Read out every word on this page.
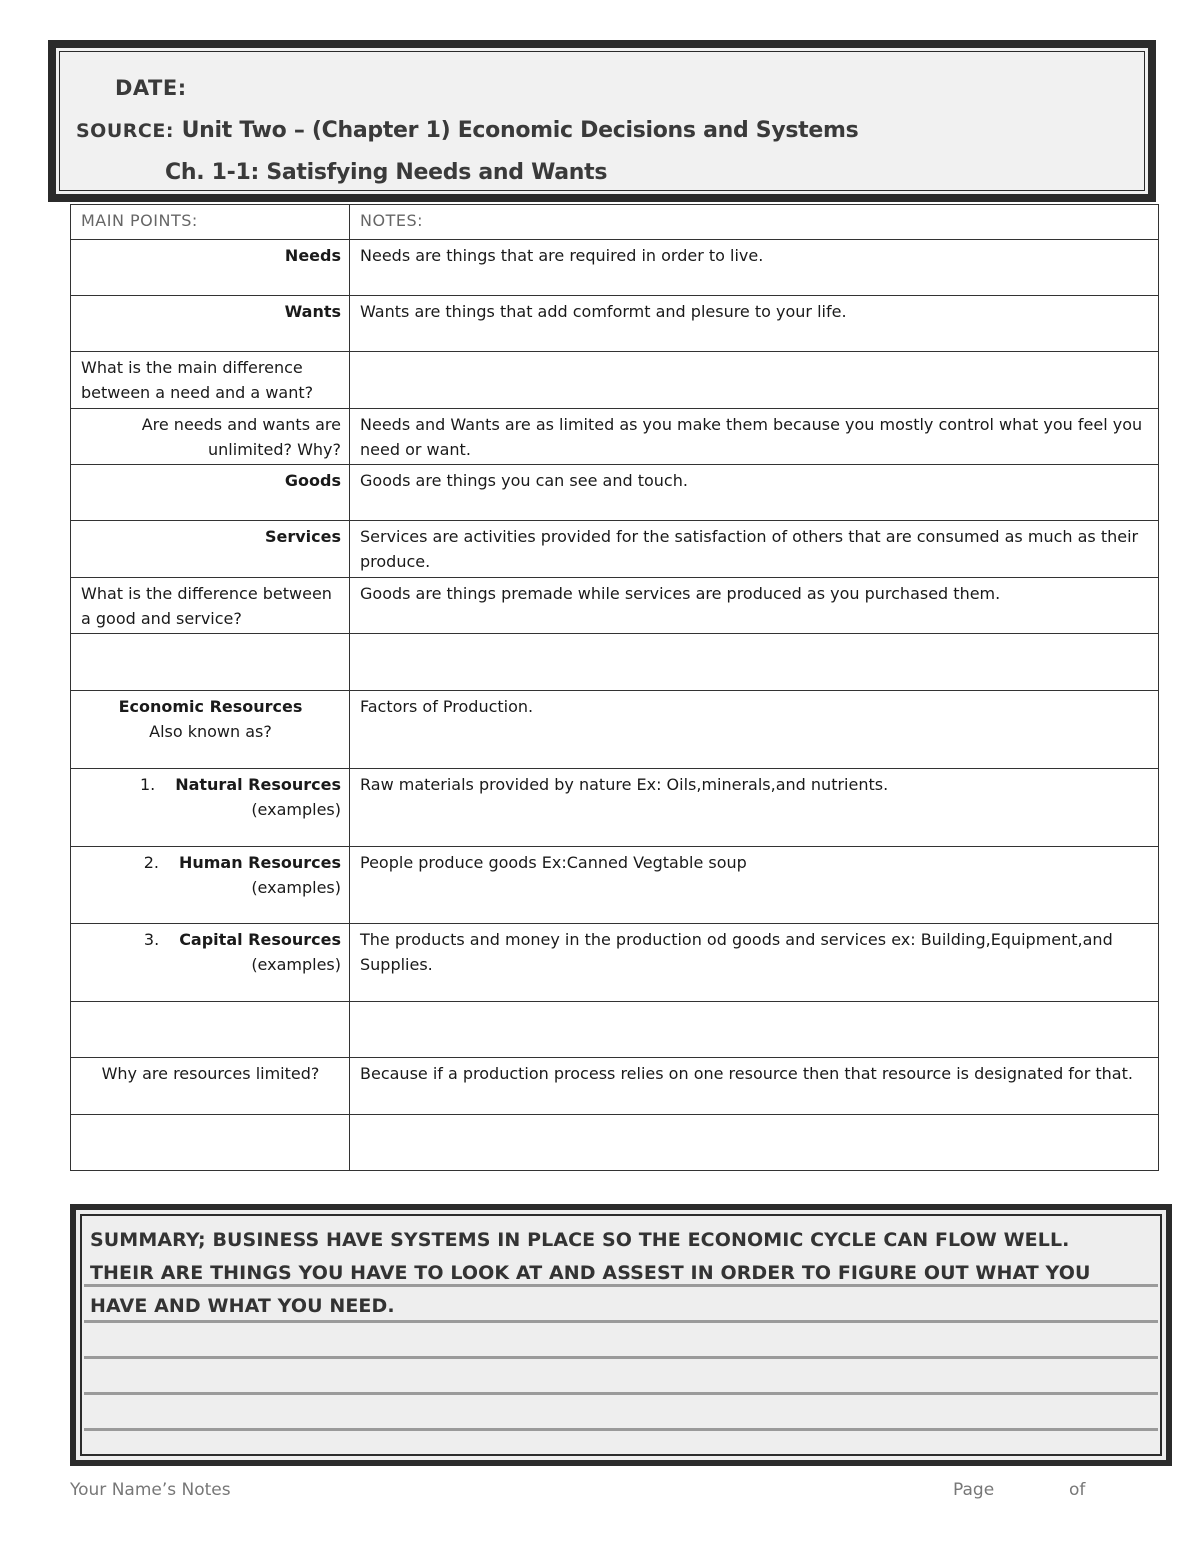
DATE:
SOURCE: Unit Two – (Chapter 1) Economic Decisions and Systems
Ch. 1-1: Satisfying Needs and Wants
MAIN POINTS:	NOTES:
Needs	Needs are things that are required in order to live.
Wants	Wants are things that add comformt and plesure to your life.
What is the main difference between a need and a want?	
Are needs and wants are unlimited? Why?	Needs and Wants are as limited as you make them because you mostly control what you feel you need or want.
Goods	Goods are things you can see and touch.
Services	Services are activities provided for the satisfaction of others that are consumed as much as their produce.
What is the difference between a good and service?	Goods are things premade while services are produced as you purchased them.

Economic Resources
Also known as?	Factors of Production.

1. Natural Resources
(examples)	Raw materials provided by nature Ex: Oils,minerals,and nutrients.

2. Human Resources
(examples)	People produce goods Ex:Canned Vegtable soup

3. Capital Resources
(examples)	The products and money in the production od goods and services ex: Building,Equipment,and Supplies.

Why are resources limited?	Because if a production process relies on one resource then that resource is designated for that.

SUMMARY; BUSINESS HAVE SYSTEMS IN PLACE SO THE ECONOMIC CYCLE CAN FLOW WELL. THEIR ARE THINGS YOU HAVE TO LOOK AT AND ASSEST IN ORDER TO FIGURE OUT WHAT YOU HAVE AND WHAT YOU NEED.
Your Name’s Notes	Page	of
